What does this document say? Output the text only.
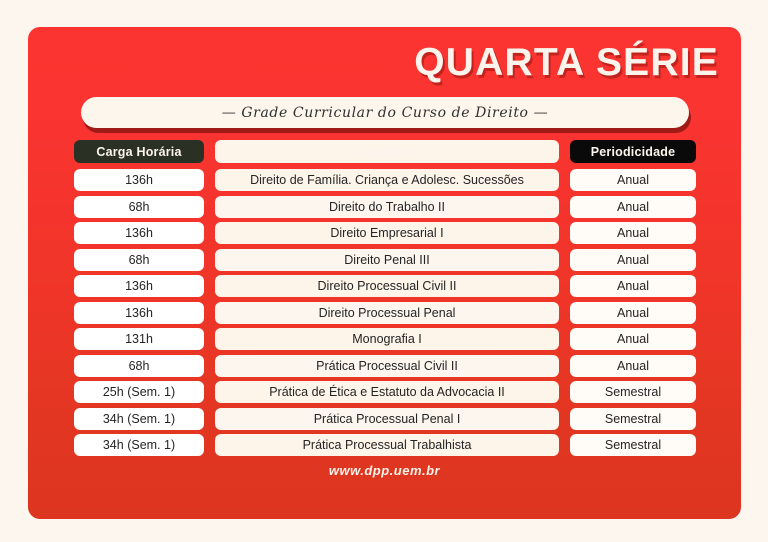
QUARTA SÉRIE
— Grade Curricular do Curso de Direito —
Carga Horária	Disciplina	Periodicidade
136h	Direito de Família. Criança e Adolesc. Sucessões	Anual
68h	Direito do Trabalho II	Anual
136h	Direito Empresarial I	Anual
68h	Direito Penal III	Anual
136h	Direito Processual Civil II	Anual
136h	Direito Processual Penal	Anual
131h	Monografia I	Anual
68h	Prática Processual Civil II	Anual
25h (Sem. 1)	Prática de Ética e Estatuto da Advocacia II	Semestral
34h (Sem. 1)	Prática Processual Penal I	Semestral
34h (Sem. 1)	Prática Processual Trabalhista	Semestral
www.dpp.uem.br
